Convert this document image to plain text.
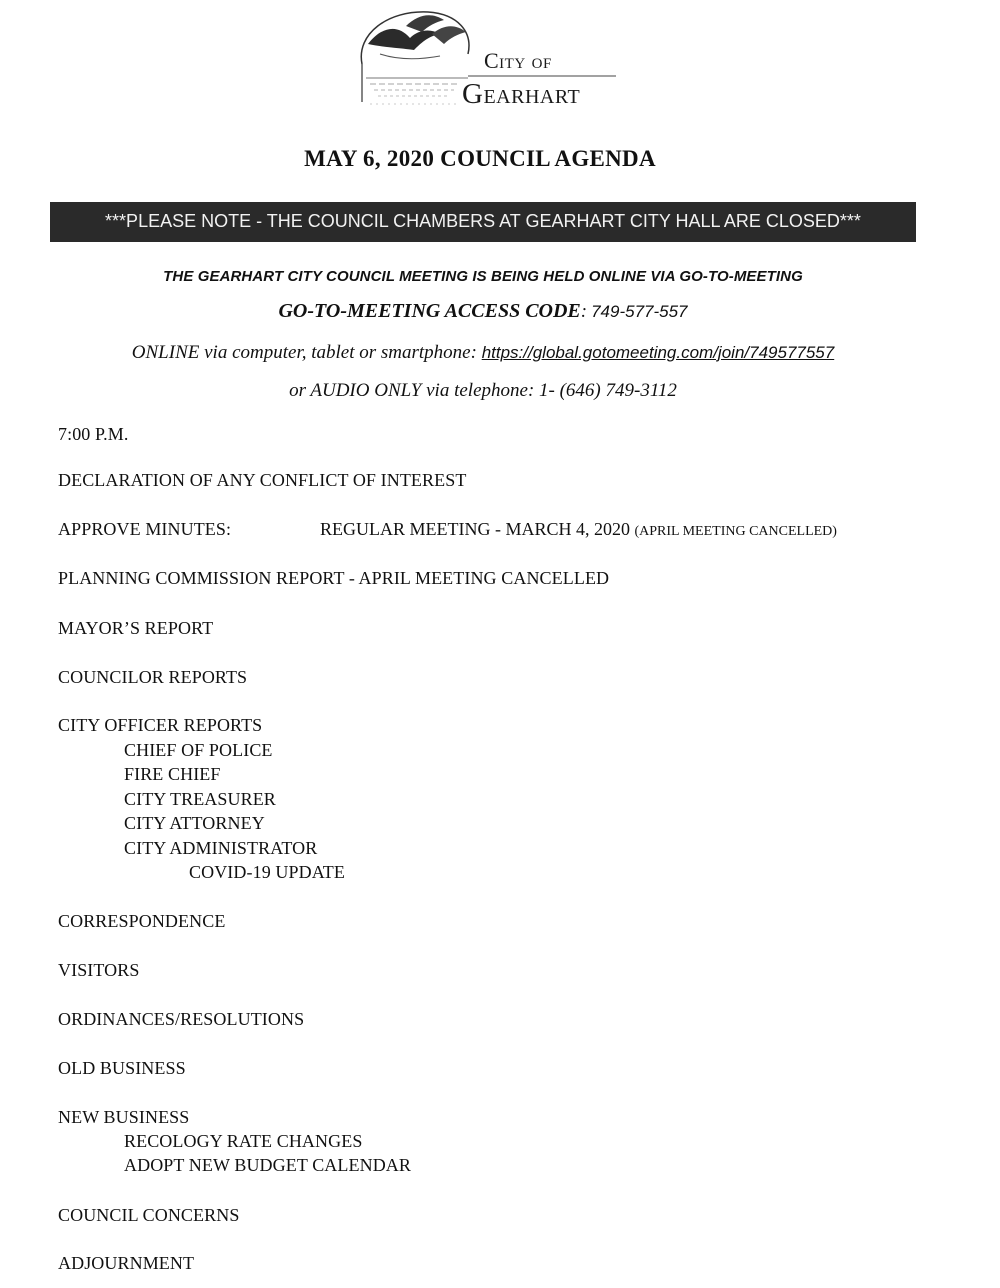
City of
Gearhart
MAY 6, 2020 COUNCIL AGENDA
***PLEASE NOTE - THE COUNCIL CHAMBERS AT GEARHART CITY HALL ARE CLOSED***
THE GEARHART CITY COUNCIL MEETING IS BEING HELD ONLINE VIA GO-TO-MEETING
GO-TO-MEETING ACCESS CODE: 749-577-557
ONLINE via computer, tablet or smartphone: https://global.gotomeeting.com/join/749577557
or AUDIO ONLY via telephone: 1- (646) 749-3112
7:00 P.M.
DECLARATION OF ANY CONFLICT OF INTEREST
APPROVE MINUTES:	REGULAR MEETING - MARCH 4, 2020 (APRIL MEETING CANCELLED)
PLANNING COMMISSION REPORT - APRIL MEETING CANCELLED
MAYOR’S REPORT
COUNCILOR REPORTS
CITY OFFICER REPORTS
CHIEF OF POLICE
FIRE CHIEF
CITY TREASURER
CITY ATTORNEY
CITY ADMINISTRATOR
COVID-19 UPDATE
CORRESPONDENCE
VISITORS
ORDINANCES/RESOLUTIONS
OLD BUSINESS
NEW BUSINESS
RECOLOGY RATE CHANGES
ADOPT NEW BUDGET CALENDAR
COUNCIL CONCERNS
ADJOURNMENT
